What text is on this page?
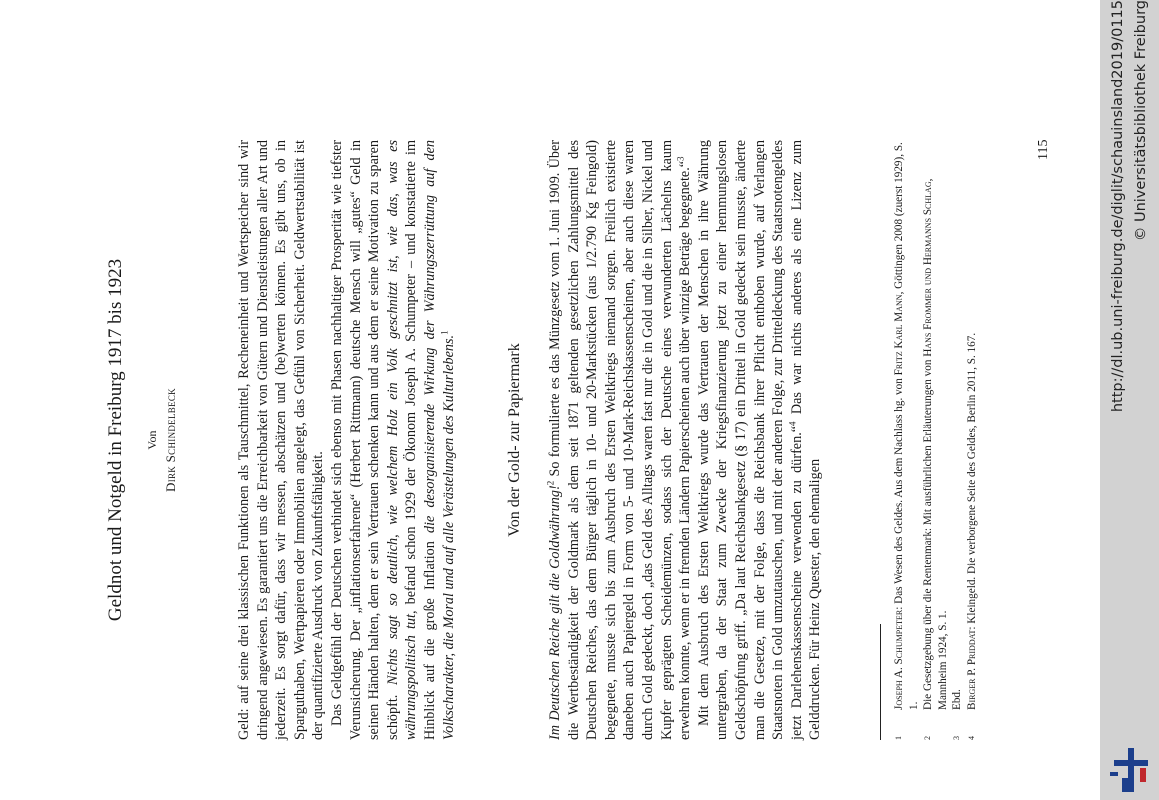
Geldnot und Notgeld in Freiburg 1917 bis 1923 Von Dirk Schindelbeck	Geld: auf seine drei klassischen Funktionen als Tauschmittel, Recheneinheit und Wertspeicher sind wir dringend angewiesen. Es garantiert uns die Erreichbarkeit von Gütern und Dienstleistungen aller Art und jederzeit. Es sorgt dafür, dass wir messen, abschätzen und (be)werten können. Es gibt uns, ob in Sparguthaben, Wertpapieren oder Immobilien angelegt, das Gefühl von Sicherheit. Geldwertstabilität ist der quantifizierte Ausdruck von Zukunftsfähigkeit. Das Geldgefühl der Deutschen verbindet sich ebenso mit Phasen nachhaltiger Prosperität wie tiefster Verunsicherung. Der „inflationserfahrene“ (Herbert Rittmann) deutsche Mensch will „gutes“ Geld in seinen Händen halten, dem er sein Vertrauen schenken kann und aus dem er seine Motivation zu sparen schöpft. Nichts sagt so deutlich, wie welchem Holz ein Volk geschnitzt ist, wie das, was es währungspolitisch tut, befand schon 1929 der Ökonom Joseph A. Schumpeter – und konstatierte im Hinblick auf die große Inflation die desorganisierende Wirkung der Währungszerrüttung auf den Volkscharakter, die Moral und auf alle Verästelungen des Kulturlebens.$^1$

Von der Gold- zur Papiermark

Im Deutschen Reiche gilt die Goldwährung!$^2$ So formulierte es das Münzgesetz vom 1. Juni 1909. Über die Wertbeständigkeit der Goldmark als dem seit 1871 geltenden gesetzlichen Zahlungsmittel des Deutschen Reiches, das dem Bürger täglich in 10- und 20-Markstücken (aus 1/2.790 Kg Feingold) begegnete, musste sich bis zum Ausbruch des Ersten Weltkriegs niemand sorgen. Freilich existierte daneben auch Papiergeld in Form von 5- und 10-Mark-Reichskassenscheinen, aber auch diese waren durch Gold gedeckt, doch „das Geld des Alltags waren fast nur die in Gold und die in Silber, Nickel und Kupfer geprägten Scheidemünzen, sodass sich der Deutsche eines verwunderten Lächelns kaum erwehren konnte, wenn er in fremden Ländern Papierscheinen auch über winzige Beträge begegnete.“$^3$ Mit dem Ausbruch des Ersten Weltkriegs wurde das Vertrauen der Menschen in ihre Währung untergraben, da der Staat zum Zwecke der Kriegsfinanzierung jetzt zu einer hemmungslosen Geldschöpfung griff. „Da laut Reichsbankgesetz (§ 17) ein Drittel in Gold gedeckt sein musste, änderte man die Gesetze, mit der Folge, dass die Reichsbank ihrer Pflicht enthoben wurde, auf Verlangen Staatsnoten in Gold umzutauschen, und mit der anderen Folge, zur Dritteldeckung des Staatsnotengeldes jetzt Darlehenskassenscheine verwenden zu dürfen.“$^4$ Das war nichts anderes als eine Lizenz zum Gelddrucken. Für Heinz Quester, den ehemaligen	1
Joseph A. Schumpeter: Das Wesen des Geldes. Aus dem Nachlass hg. von Fritz Karl Mann, Göttingen 2008 (zuerst 1929), S. 1.
2
Die Gesetzgebung über die Rentenmark: Mit ausführlichen Erläuterungen von Hans Frommer und Hermanns Schlag, Mannheim 1924, S. 1.
3
Ebd.
4
Birger P. Priddat: Kleingeld. Die verborgene Seite des Geldes, Berlin 2011, S. 167.
115	http://dl.ub.uni-freiburg.de/diglit/schauinsland2019/0115 © Universitätsbibliothek Freiburg
